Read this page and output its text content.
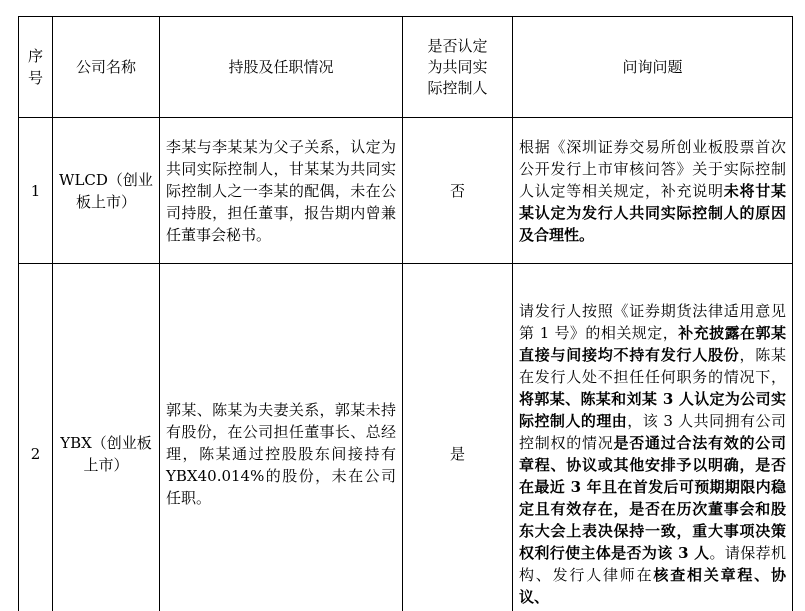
序号	公司名称	持股及任职情况	是否认定为共同实际控制人	问询问题
1	WLCD（创业板上市）	李某与李某某为父子关系，认定为共同实际控制人，甘某某为共同实际控制人之一李某的配偶，未在公司持股，担任董事，报告期内曾兼任董事会秘书。	否	根据《深圳证券交易所创业板股票首次公开发行上市审核问答》关于实际控制人认定等相关规定，补充说明未将甘某某认定为发行人共同实际控制人的原因及合理性。
2	YBX（创业板上市）	郭某、陈某为夫妻关系，郭某未持有股份，在公司担任董事长、总经理，陈某通过控股股东间接持有 YBX40.014%的股份，未在公司任职。	是	请发行人按照《证券期货法律适用意见第 1 号》的相关规定，补充披露在郭某直接与间接均不持有发行人股份，陈某在发行人处不担任任何职务的情况下，将郭某、陈某和刘某 3 人认定为公司实际控制人的理由，该 3 人共同拥有公司控制权的情况是否通过合法有效的公司章程、协议或其他安排予以明确，是否在最近 3 年且在首发后可预期期限内稳定且有效存在，是否在历次董事会和股东大会上表决保持一致，重大事项决策权利行使主体是否为该 3 人。请保荐机构、发行人律师在核查相关章程、协议、
